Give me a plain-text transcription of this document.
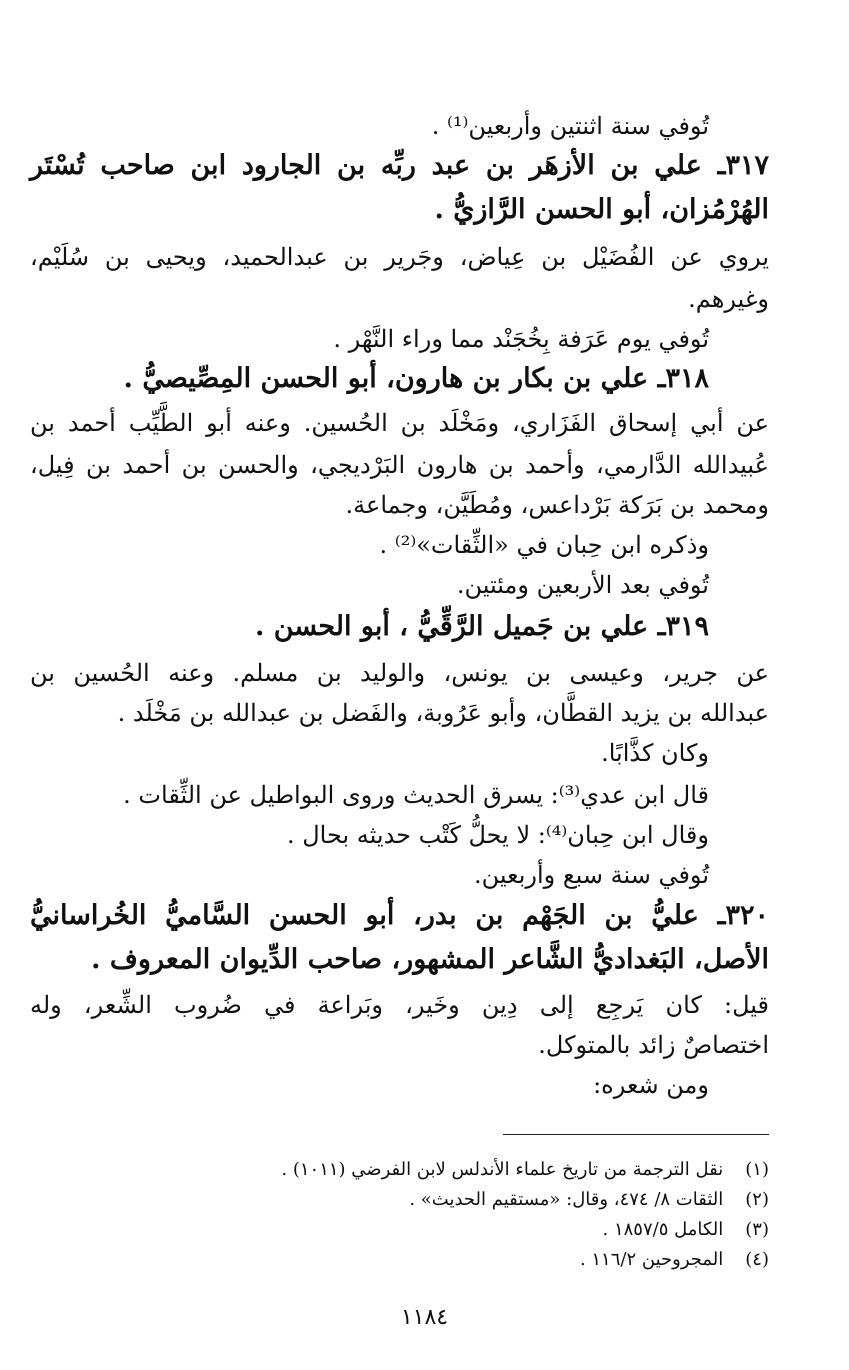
تُوفي سنة اثنتين وأربعين⁽¹⁾ .

٣١٧ـ علي بن الأزهَر بن عبد ربِّه بن الجارود ابن صاحب تُسْتَر

الهُرْمُزان، أبو الحسن الرَّازيُّ .

يروي عن الفُضَيْل بن عِياض، وجَرير بن عبدالحميد، ويحيى بن سُلَيْم،

وغيرهم.

تُوفي يوم عَرَفة بِخُجَنْد مما وراء النَّهْر .

٣١٨ـ علي بن بكار بن هارون، أبو الحسن المِصِّيصيُّ .

عن أبي إسحاق الفَزَاري، ومَخْلَد بن الحُسين. وعنه أبو الطَّيِّب أحمد بن

عُبيدالله الدَّارمي، وأحمد بن هارون البَرْديجي، والحسن بن أحمد بن فِيل،

ومحمد بن بَرَكة بَرْداعس، ومُطَيَّن، وجماعة.

وذكره ابن حِبان في «الثِّقات»⁽²⁾ .

تُوفي بعد الأربعين ومئتين.

٣١٩ـ علي بن جَميل الرَّقِّيُّ ، أبو الحسن .

عن جرير، وعيسى بن يونس، والوليد بن مسلم. وعنه الحُسين بن

عبدالله بن يزيد القطَّان، وأبو عَرُوبة، والفَضل بن عبدالله بن مَخْلَد .

وكان كذَّابًا.

قال ابن عدي⁽³⁾: يسرق الحديث وروى البواطيل عن الثِّقات .

وقال ابن حِبان⁽⁴⁾: لا يحلُّ كَتْب حديثه بحال .

تُوفي سنة سبع وأربعين.

٣٢٠ـ عليُّ بن الجَهْم بن بدر، أبو الحسن السَّاميُّ الخُراسانيُّ

الأصل، البَغداديُّ الشَّاعر المشهور، صاحب الدِّيوان المعروف .

قيل: كان يَرجِع إلى دِين وخَير، وبَراعة في ضُروب الشِّعر، وله

اختصاصٌ زائد بالمتوكل.

ومن شعره:

(١) نقل الترجمة من تاريخ علماء الأندلس لابن الفرضي (١٠١١) .

(٢) الثقات ٨/ ٤٧٤، وقال: «مستقيم الحديث» .

(٣) الكامل ١٨٥٧/٥ .

(٤) المجروحين ١١٦/٢ .

١١٨٤
